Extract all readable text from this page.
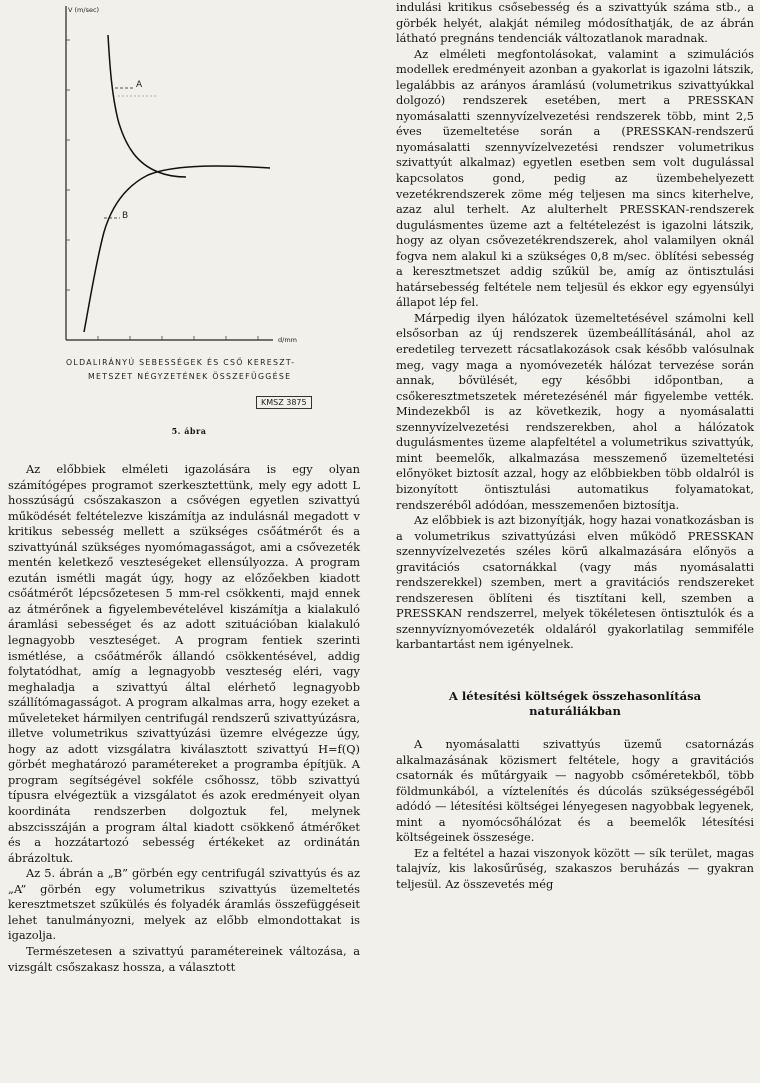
V (m/sec)
A
B
d/mm
OLDALIRÁNYÚ SEBESSÉGEK ÉS CSŐ KERESZT-
METSZET NÉGYZETÉNEK ÖSSZEFÜGGÉSE
KMSZ 3875
5. ábra

Az előbbiek elméleti igazolására is egy olyan számítógépes programot szerkesztettünk, mely egy adott L hosszúságú csőszakaszon a csővégen egyetlen szivattyú működését feltételezve kiszámítja az indulásnál megadott v kritikus sebesség mellett a szükséges csőátmérőt és a szivattyúnál szükséges nyomómagasságot, ami a csővezeték mentén keletkező veszteségeket ellensúlyozza. A program ezután ismétli magát úgy, hogy az előzőekben kiadott csőátmérőt lépcsőzetesen 5 mm-rel csökkenti, majd ennek az átmérőnek a figyelembevételével kiszámítja a kialakuló áramlási sebességet és az adott szituációban kialakuló legnagyobb veszteséget. A program fentiek szerinti ismétlése, a csőátmérők állandó csökkentésével, addig folytatódhat, amíg a legnagyobb veszteség eléri, vagy meghaladja a szivattyú által elérhető legnagyobb szállítómagasságot. A program alkalmas arra, hogy ezeket a műveleteket hármilyen centrifugál rendszerű szivattyúzásra, illetve volumetrikus szivattyúzási üzemre elvégezze úgy, hogy az adott vizsgálatra kiválasztott szivattyú H=f(Q) görbét meghatározó paramétereket a programba építjük. A program segítségével sokféle csőhossz, több szivattyú típusra elvégeztük a vizsgálatot és azok eredményeit olyan koordináta rendszerben dolgoztuk fel, melynek abszcisszáján a program által kiadott csökkenő átmérőket és a hozzátartozó sebesség értékeket az ordinátán ábrázoltuk.

Az 5. ábrán a „B” görbén egy centrifugál szivattyús és az „A” görbén egy volumetrikus szivattyús üzemeltetés keresztmetszet szűkülés és folyadék áramlás összefüggéseit lehet tanulmányozni, melyek az előbb elmondottakat is igazolja.

Természetesen a szivattyú paramétereinek változása, a vizsgált csőszakasz hossza, a választott

indulási kritikus csősebesség és a szivattyúk száma stb., a görbék helyét, alakját némileg módosíthatják, de az ábrán látható pregnáns tendenciák változatlanok maradnak.

Az elméleti megfontolásokat, valamint a szimulációs modellek eredményeit azonban a gyakorlat is igazolni látszik, legalábbis az arányos áramlású (volumetrikus szivattyúkkal dolgozó) rendszerek esetében, mert a PRESSKAN nyomásalatti szennyvízelvezetési rendszerek több, mint 2,5 éves üzemeltetése során a (PRESSKAN-rendszerű nyomásalatti szennyvízelvezetési rendszer volumetrikus szivattyút alkalmaz) egyetlen esetben sem volt dugulással kapcsolatos gond, pedig az üzembehelyezett vezetékrendszerek zöme még teljesen ma sincs kiterhelve, azaz alul terhelt. Az alulterhelt PRESSKAN-rendszerek dugulásmentes üzeme azt a feltételezést is igazolni látszik, hogy az olyan csővezetékrendszerek, ahol valamilyen oknál fogva nem alakul ki a szükséges 0,8 m/sec. öblítési sebesség a keresztmetszet addig szűkül be, amíg az öntisztulási határsebesség feltétele nem teljesül és ekkor egy egyensúlyi állapot lép fel.

Márpedig ilyen hálózatok üzemeltetésével számolni kell elsősorban az új rendszerek üzembeállításánál, ahol az eredetileg tervezett rácsatlakozások csak később valósulnak meg, vagy maga a nyomóvezeték hálózat tervezése során annak, bővülését, egy későbbi időpontban, a csőkeresztmetszetek méretezésénél már figyelembe vették. Mindezekből is az következik, hogy a nyomásalatti szennyvízelvezetési rendszerekben, ahol a hálózatok dugulásmentes üzeme alapfeltétel a volumetrikus szivattyúk, mint beemelők, alkalmazása messzemenő üzemeltetési előnyöket biztosít azzal, hogy az előbbiekben több oldalról is bizonyított öntisztulási automatikus folyamatokat, rendszeréből adódóan, messzemenően biztosítja.

Az előbbiek is azt bizonyítják, hogy hazai vonatkozásban is a volumetrikus szivattyúzási elven működő PRESSKAN szennyvízelvezetés széles körű alkalmazására előnyös a gravitációs csatornákkal (vagy más nyomásalatti rendszerekkel) szemben, mert a gravitációs rendszereket rendszeresen öblíteni és tisztítani kell, szemben a PRESSKAN rendszerrel, melyek tökéletesen öntisztulók és a szennyvíznyomóvezeték oldaláról gyakorlatilag semmiféle karbantartást nem igényelnek.

A létesítési költségek összehasonlítása
naturáliákban

A nyomásalatti szivattyús üzemű csatornázás alkalmazásának közismert feltétele, hogy a gravitációs csatornák és műtárgyaik — nagyobb csőméretekből, több földmunkából, a víztelenítés és dúcolás szükségességéből adódó — létesítési költségei lényegesen nagyobbak legyenek, mint a nyomócsőhálózat és a beemelők létesítési költségeinek összesége.

Ez a feltétel a hazai viszonyok között — sík terület, magas talajvíz, kis lakosűrűség, szakaszos beruházás — gyakran teljesül. Az összevetés még
